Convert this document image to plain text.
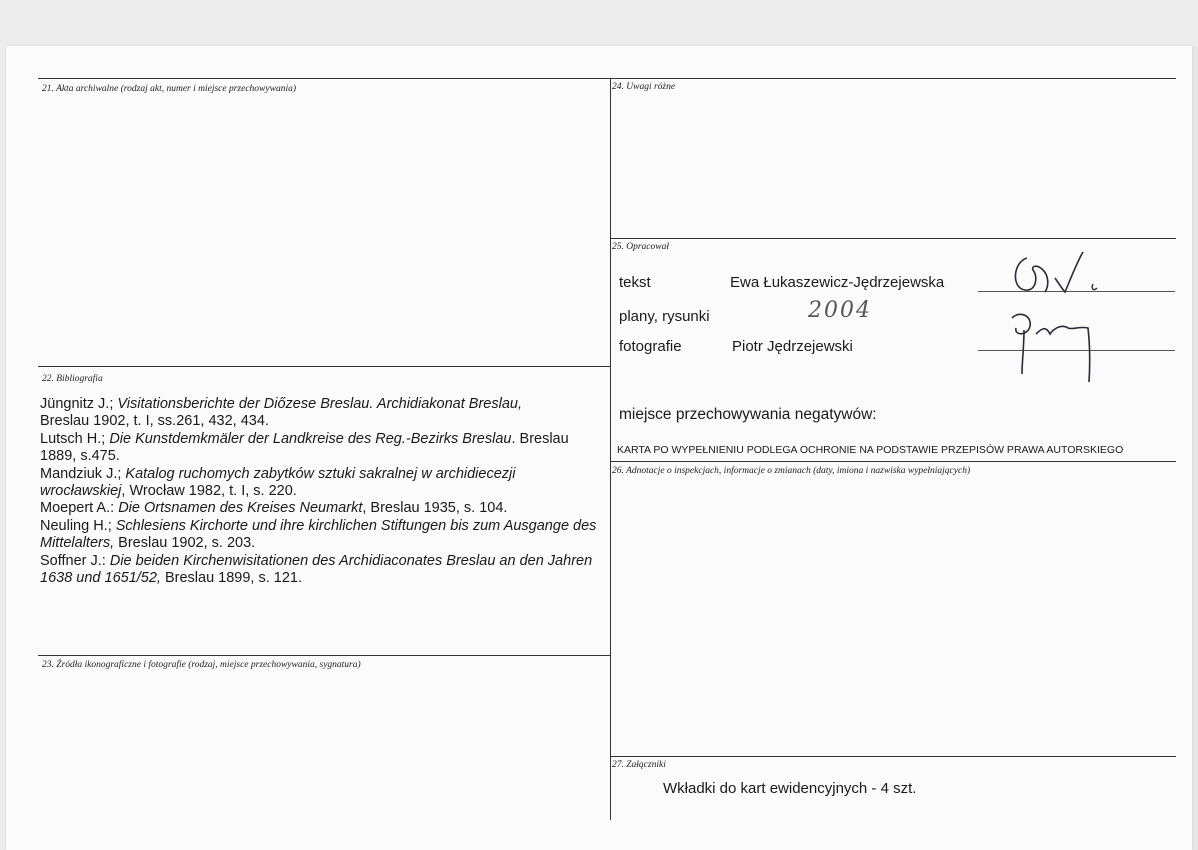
21. Akta archiwalne (rodzaj akt, numer i miejsce przechowywania)
22. Bibliografia
23. Źródła ikonograficzne i fotografie (rodzaj, miejsce przechowywania, sygnatura)
24. Uwagi różne
25. Opracował
26. Adnotacje o inspekcjach, informacje o zmianach (daty, imiona i nazwiska wypełniających)
27. Załączniki
tekst	Ewa Łukaszewicz-Jędrzejewska
plany, rysunki	2004
fotografie	Piotr Jędrzejewski
miejsce przechowywania negatywów:
KARTA PO WYPEŁNIENIU PODLEGA OCHRONIE NA PODSTAWIE PRZEPISÓW PRAWA AUTORSKIEGO

Jüngnitz J.; Visitationsberichte der Diőzese Breslau. Archidiakonat Breslau,
Breslau 1902, t. I, ss.261, 432, 434.

Lutsch H.; Die Kunstdemkmäler der Landkreise des Reg.-Bezirks Breslau. Breslau 1889, s.475.

Mandziuk J.; Katalog ruchomych zabytków sztuki sakralnej w archidiecezji wrocławskiej, Wrocław 1982, t. I, s. 220.

Moepert A.: Die Ortsnamen des Kreises Neumarkt, Breslau 1935, s. 104.

Neuling H.; Schlesiens Kirchorte und ihre kirchlichen Stiftungen bis zum Ausgange des Mittelalters, Breslau 1902, s. 203.

Soffner J.: Die beiden Kirchenwisitationen des Archidiaconates Breslau an den Jahren 1638 und 1651/52, Breslau 1899, s. 121.

Wkładki do kart ewidencyjnych - 4 szt.
